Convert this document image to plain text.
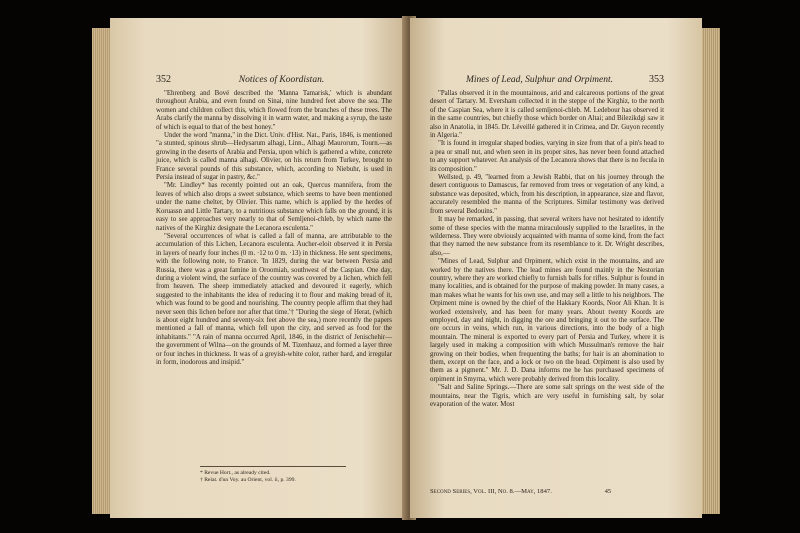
352	Notices of Koordistan.

"Ehrenberg and Bové described the 'Manna Tamarisk,' which is abundant throughout Arabia, and even found on Sinai, nine hundred feet above the sea. The women and children collect this, which flowed from the branches of these trees. The Arabs clarify the manna by dissolving it in warm water, and making a syrup, the taste of which is equal to that of the best honey."

Under the word "manna," in the Dict. Univ. d'Hist. Nat., Paris, 1846, is mentioned "a stunted, spinous shrub—Hedysarum alhagi, Linn., Alhagi Maurorum, Tourn.—as growing in the deserts of Arabia and Persia, upon which is gathered a white, concrete juice, which is called manna alhagi. Olivier, on his return from Turkey, brought to France several pounds of this substance, which, according to Niebuhr, is used in Persia instead of sugar in pastry, &c."

"Mr. Lindley* has recently pointed out an oak, Quercus mannifera, from the leaves of which also drops a sweet substance, which seems to have been mentioned under the name chelter, by Olivier. This name, which is applied by the herdes of Koruassn and Little Tartary, to a nutritious substance which falls on the ground, it is easy to see approaches very nearly to that of Semljenoi-chleb, by which name the natives of the Kirghiz designate the Lecanora esculenta."

"Several occurrences of what is called a fall of manna, are attributable to the accumulation of this Lichen, Lecanora esculenta. Aucher-eloit observed it in Persia in layers of nearly four inches (0 m. ·12 to 0 m. ·13) in thickness. He sent specimens, with the following note, to France. 'In 1829, during the war between Persia and Russia, there was a great famine in Oroomiah, southwest of the Caspian. One day, during a violent wind, the surface of the country was covered by a lichen, which fell from heaven. The sheep immediately attacked and devoured it eagerly, which suggested to the inhabitants the idea of reducing it to flour and making bread of it, which was found to be good and nourishing. The country people affirm that they had never seen this lichen before nor after that time.'† "During the siege of Herat, (which is about eight hundred and seventy-six feet above the sea,) more recently the papers mentioned a fall of manna, which fell upon the city, and served as food for the inhabitants." "A rain of manna occurred April, 1846, in the district of Jenischehir—the government of Wilna—on the grounds of M. Tizenhauz, and formed a layer three or four inches in thickness. It was of a greyish-white color, rather hard, and irregular in form, inodorous and insipid."

* Revue Hort., as already cited.
† Relat. d'un Voy. au Orient, vol. ii, p. 399.
Mines of Lead, Sulphur and Orpiment.	353

"Pallas observed it in the mountainous, arid and calcareous portions of the great desert of Tartary. M. Eversham collected it in the steppe of the Kirghiz, to the north of the Caspian Sea, where it is called semljenoi-chleb. M. Ledebour has observed it in the same countries, but chiefly those which border on Altai; and Bilezikdgi saw it also in Anatolia, in 1845. Dr. Léveillé gathered it in Crimea, and Dr. Guyon recently in Algeria."

"It is found in irregular shaped bodies, varying in size from that of a pin's head to a pea or small nut, and when seen in its proper sites, has never been found attached to any support whatever. An analysis of the Lecanora shows that there is no fecula in its composition."

Wellsted, p. 49, "learned from a Jewish Rabbi, that on his journey through the desert contiguous to Damascus, far removed from trees or vegetation of any kind, a substance was deposited, which, from his description, in appearance, size and flavor, accurately resembled the manna of the Scriptures. Similar testimony was derived from several Bedouins."

It may be remarked, in passing, that several writers have not hesitated to identify some of these species with the manna miraculously supplied to the Israelites, in the wilderness. They were obviously acquainted with manna of some kind, from the fact that they named the new substance from its resemblance to it. Dr. Wright describes, also,—

"Mines of Lead, Sulphur and Orpiment, which exist in the mountains, and are worked by the natives there. The lead mines are found mainly in the Nestorian country, where they are worked chiefly to furnish balls for rifles. Sulphur is found in many localities, and is obtained for the purpose of making powder. In many cases, a man makes what he wants for his own use, and may sell a little to his neighbors. The Orpiment mine is owned by the chief of the Hakkary Koords, Noor Ali Khan. It is worked extensively, and has been for many years. About twenty Koords are employed, day and night, in digging the ore and bringing it out to the surface. The ore occurs in veins, which run, in various directions, into the body of a high mountain. The mineral is exported to every part of Persia and Turkey, where it is largely used in making a composition with which Mussulman's remove the hair growing on their bodies, when frequenting the baths; for hair is an abomination to them, except on the face, and a lock or two on the head. Orpiment is also used by them as a pigment." Mr. J. D. Dana informs me he has purchased specimens of orpiment in Smyrna, which were probably derived from this locality.

"Salt and Saline Springs.—There are some salt springs on the west side of the mountains, near the Tigris, which are very useful in furnishing salt, by solar evaporation of the water. Most

Second Series, Vol. III, No. 8.—May, 1847.	45
